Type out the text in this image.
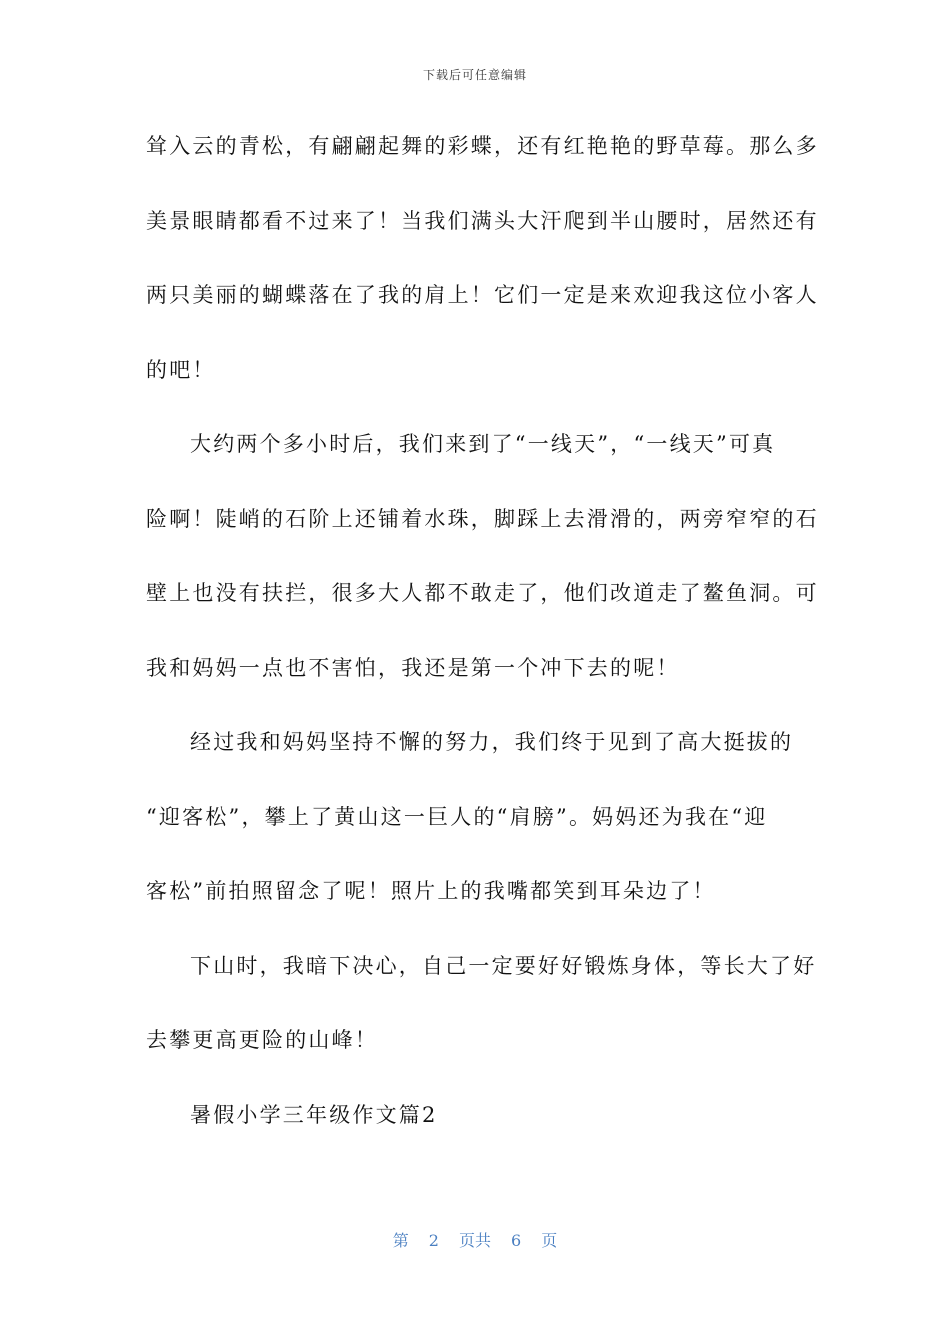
下载后可任意编辑
耸入云的青松，有翩翩起舞的彩蝶，还有红艳艳的野草莓。那么多
美景眼睛都看不过来了！当我们满头大汗爬到半山腰时，居然还有
两只美丽的蝴蝶落在了我的肩上！它们一定是来欢迎我这位小客人
的吧！
大约两个多小时后，我们来到了“一线天”，“一线天”可真
险啊！陡峭的石阶上还铺着水珠，脚踩上去滑滑的，两旁窄窄的石
壁上也没有扶拦，很多大人都不敢走了，他们改道走了鳌鱼洞。可
我和妈妈一点也不害怕，我还是第一个冲下去的呢！
经过我和妈妈坚持不懈的努力，我们终于见到了高大挺拔的
“迎客松”，攀上了黄山这一巨人的“肩膀”。妈妈还为我在“迎
客松”前拍照留念了呢！照片上的我嘴都笑到耳朵边了！
下山时，我暗下决心，自己一定要好好锻炼身体，等长大了好
去攀更高更险的山峰！
暑假小学三年级作文篇2
第 2 页共 6 页
